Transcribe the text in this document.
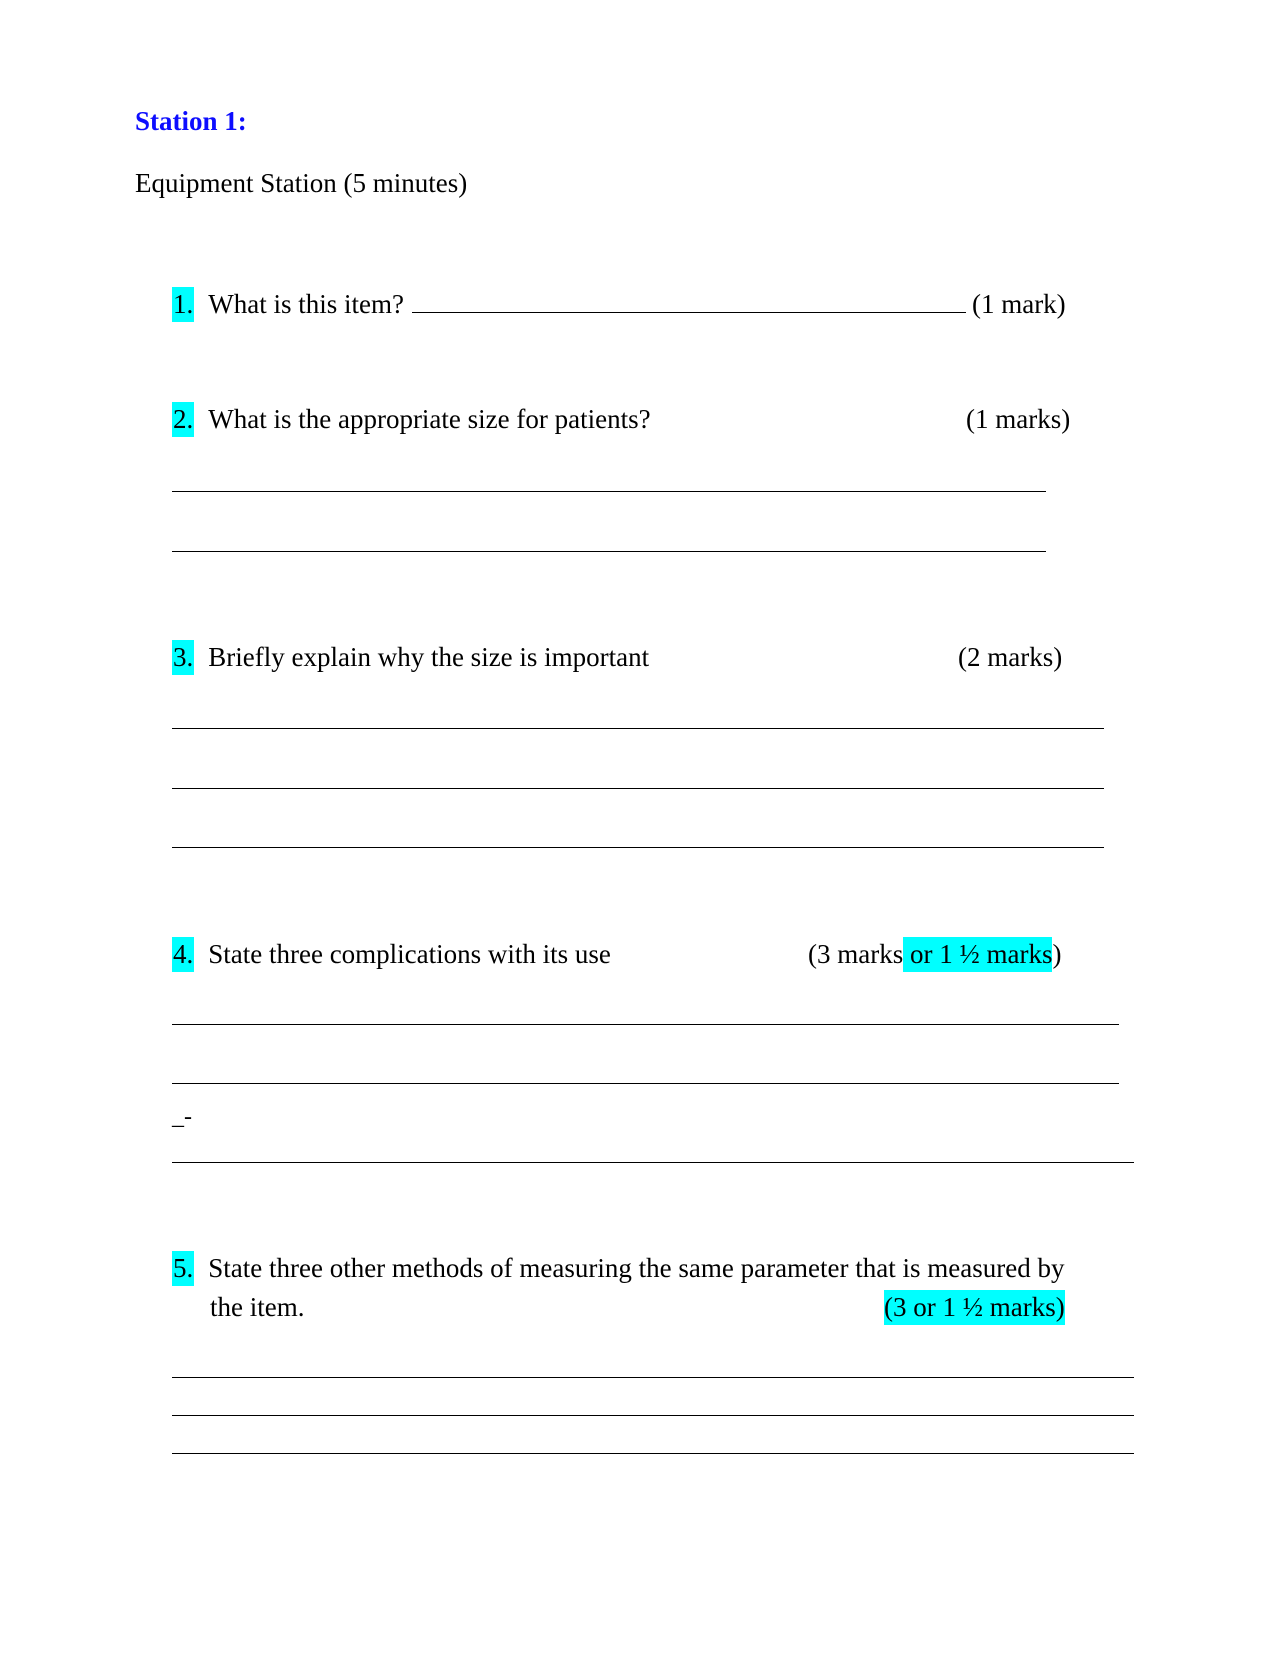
Station 1:
Equipment Station (5 minutes)
1. What is this item?	(1 mark)
2. What is the appropriate size for patients?	(1 marks)
3. Briefly explain why the size is important	(2 marks)
4. State three complications with its use	(3 marks or 1 ½ marks)
_-
5. State three other methods of measuring the same parameter that is measured by
the item.	(3 or 1 ½ marks)
